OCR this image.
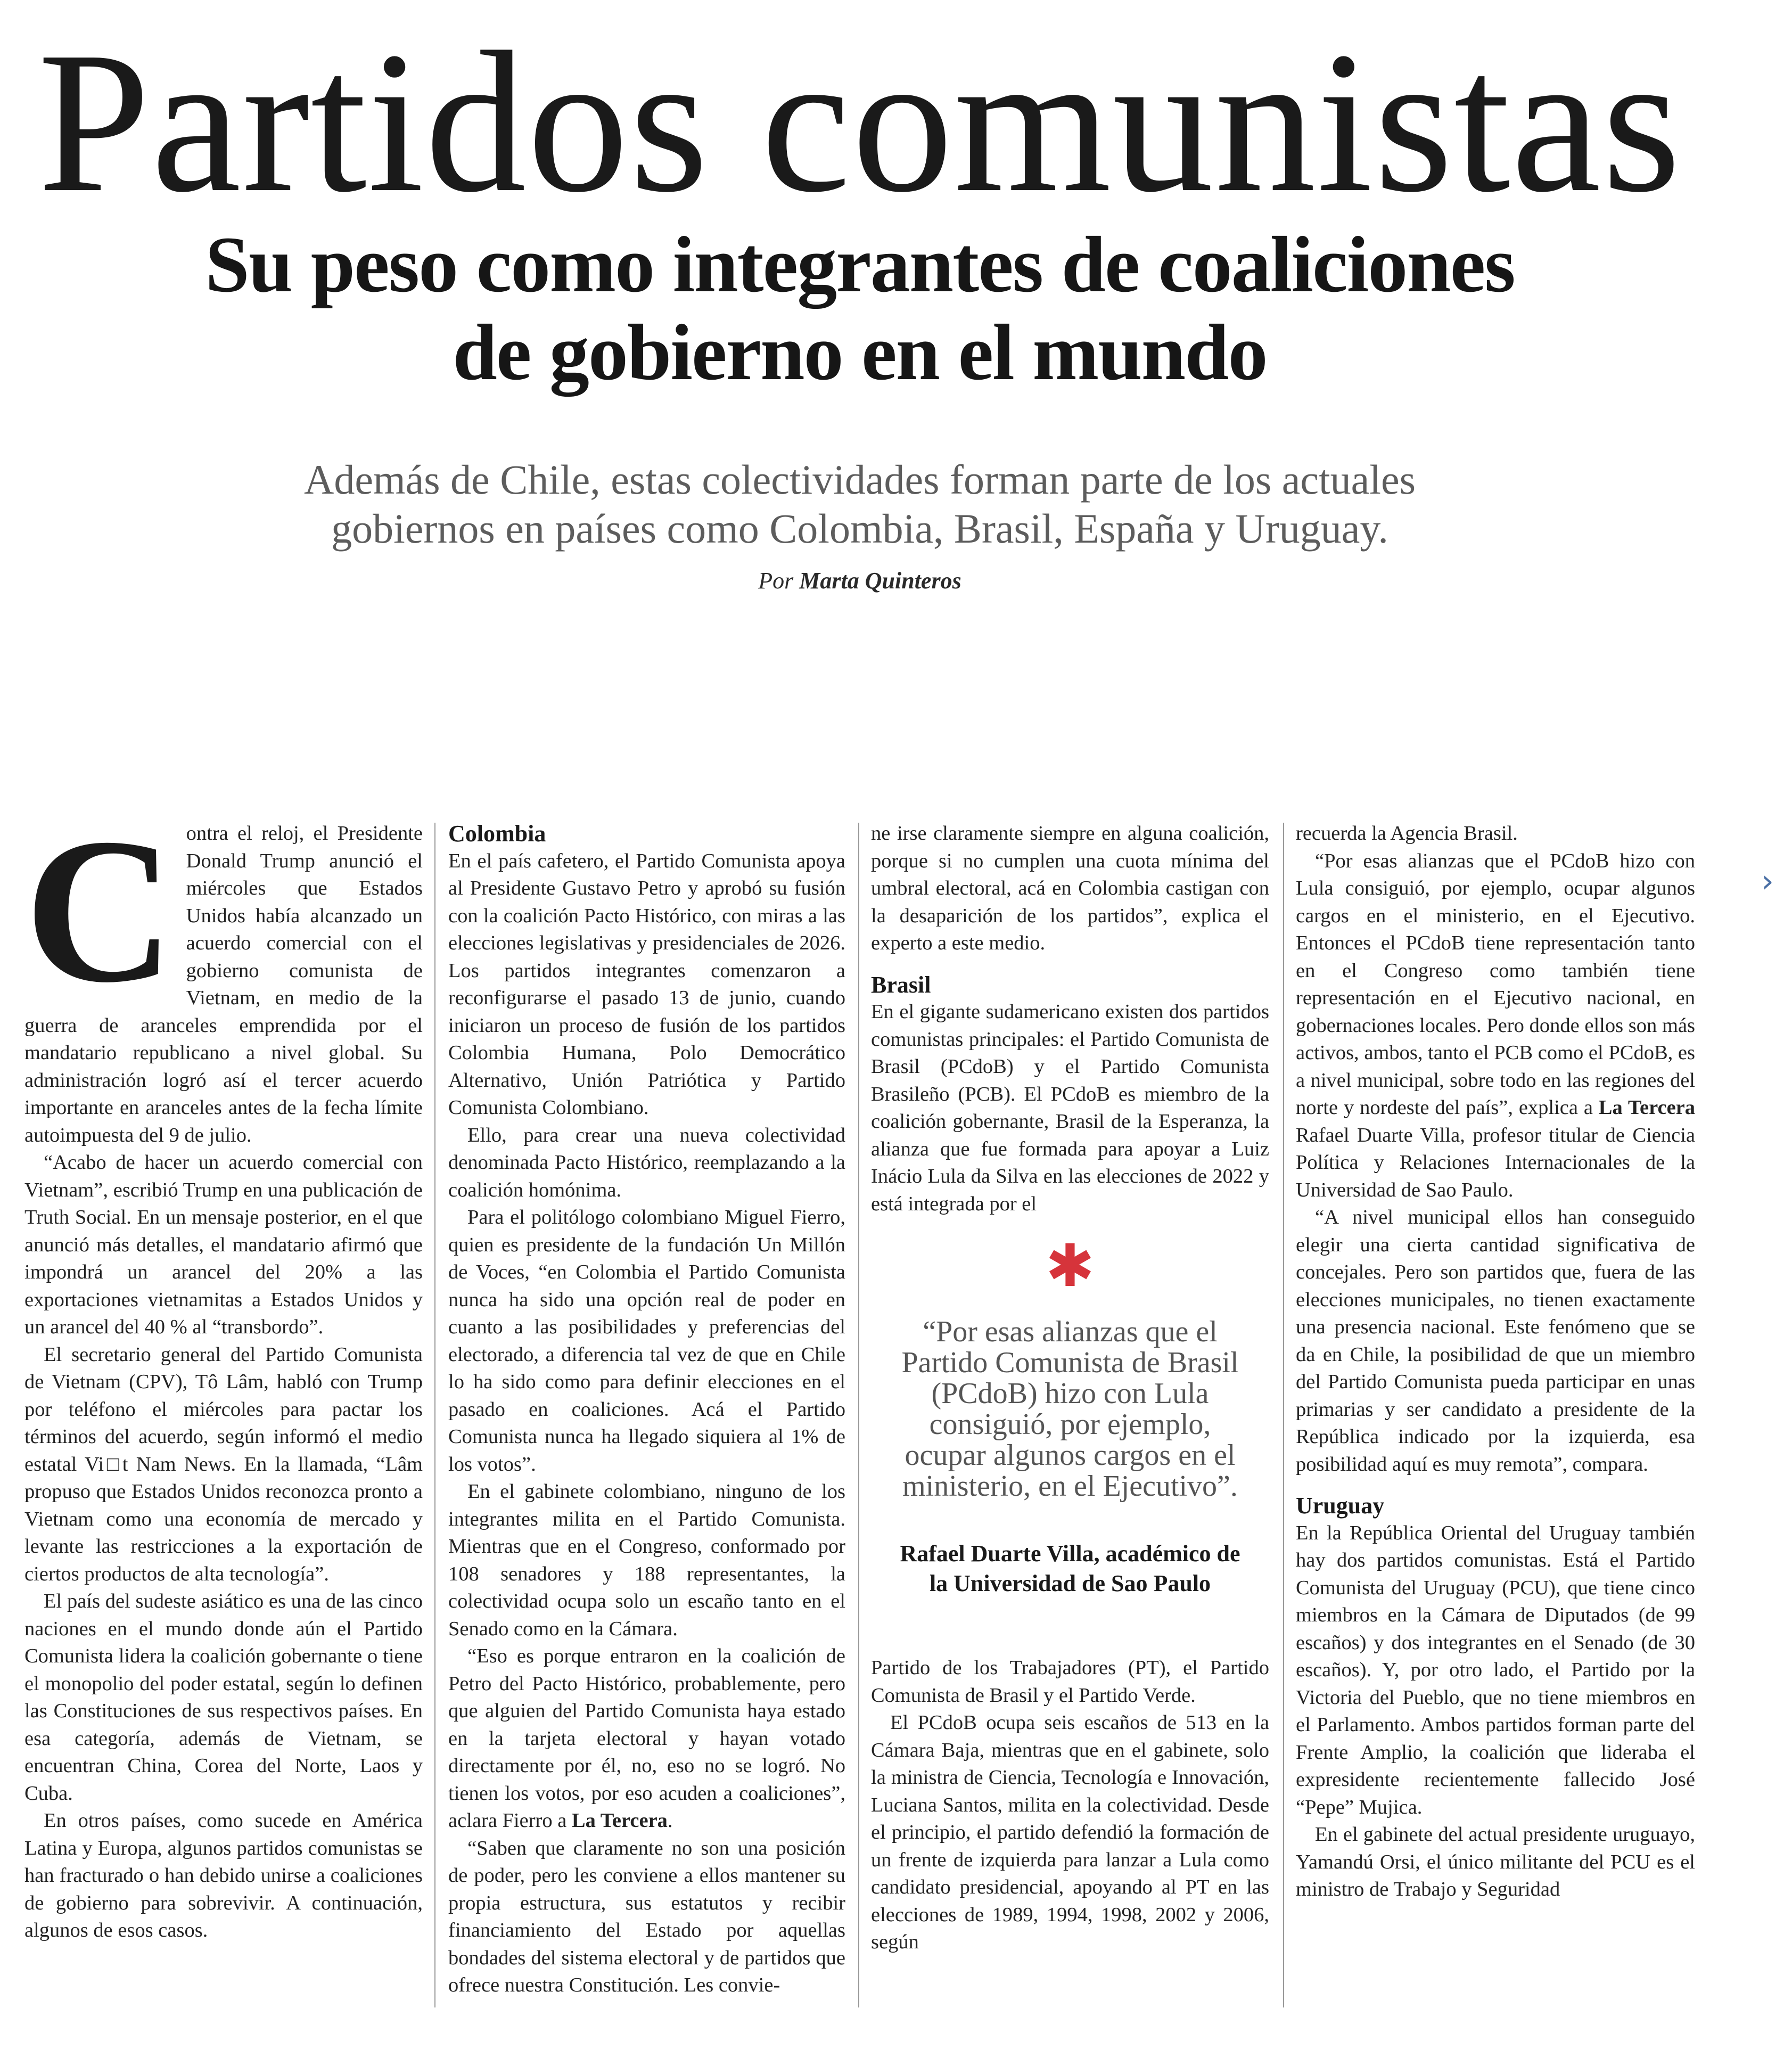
Partidos comunistas
Su peso como integrantes de coaliciones
de gobierno en el mundo

Además de Chile, estas colectividades forman parte de los actuales
gobiernos en países como Colombia, Brasil, España y Uruguay.

Por Marta Quinteros
›
C ontra el reloj, el Presidente Donald Trump anunció el miércoles que Estados Unidos había alcanzado un acuerdo comercial con el gobierno comunista de Vietnam, en medio de la guerra de aranceles emprendida por el mandatario republicano a nivel global. Su administración logró así el tercer acuerdo importante en aranceles antes de la fecha límite autoimpuesta del 9 de julio.

“Acabo de hacer un acuerdo comercial con Vietnam”, escribió Trump en una publicación de Truth Social. En un mensaje posterior, en el que anunció más detalles, el mandatario afirmó que impondrá un arancel del 20% a las exportaciones vietnamitas a Estados Unidos y un arancel del 40 % al “transbordo”.

El secretario general del Partido Comunista de Vietnam (CPV), Tô Lâm, habló con Trump por teléfono el miércoles para pactar los términos del acuerdo, según informó el medio estatal Vi□t Nam News. En la llamada, “Lâm propuso que Estados Unidos reconozca pronto a Vietnam como una economía de mercado y levante las restricciones a la exportación de ciertos productos de alta tecnología”.

El país del sudeste asiático es una de las cinco naciones en el mundo donde aún el Partido Comunista lidera la coalición gobernante o tiene el monopolio del poder estatal, según lo definen las Constituciones de sus respectivos países. En esa categoría, además de Vietnam, se encuentran China, Corea del Norte, Laos y Cuba.

En otros países, como sucede en América Latina y Europa, algunos partidos comunistas se han fracturado o han debido unirse a coaliciones de gobierno para sobrevivir. A continuación, algunos de esos casos.

Colombia

En el país cafetero, el Partido Comunista apoya al Presidente Gustavo Petro y aprobó su fusión con la coalición Pacto Histórico, con miras a las elecciones legislativas y presidenciales de 2026. Los partidos integrantes comenzaron a reconfigurarse el pasado 13 de junio, cuando iniciaron un proceso de fusión de los partidos Colombia Humana, Polo Democrático Alternativo, Unión Patriótica y Partido Comunista Colombiano.

Ello, para crear una nueva colectividad denominada Pacto Histórico, reemplazando a la coalición homónima.

Para el politólogo colombiano Miguel Fierro, quien es presidente de la fundación Un Millón de Voces, “en Colombia el Partido Comunista nunca ha sido una opción real de poder en cuanto a las posibilidades y preferencias del electorado, a diferencia tal vez de que en Chile lo ha sido como para definir elecciones en el pasado en coaliciones. Acá el Partido Comunista nunca ha llegado siquiera al 1% de los votos”.

En el gabinete colombiano, ninguno de los integrantes milita en el Partido Comunista. Mientras que en el Congreso, conformado por 108 senadores y 188 representantes, la colectividad ocupa solo un escaño tanto en el Senado como en la Cámara.

“Eso es porque entraron en la coalición de Petro del Pacto Histórico, probablemente, pero que alguien del Partido Comunista haya estado en la tarjeta electoral y hayan votado directamente por él, no, eso no se logró. No tienen los votos, por eso acuden a coaliciones”, aclara Fierro a La Tercera.

“Saben que claramente no son una posición de poder, pero les conviene a ellos mantener su propia estructura, sus estatutos y recibir financiamiento del Estado por aquellas bondades del sistema electoral y de partidos que ofrece nuestra Constitución. Les convie-

ne irse claramente siempre en alguna coalición, porque si no cumplen una cuota mínima del umbral electoral, acá en Colombia castigan con la desaparición de los partidos”, explica el experto a este medio.

Brasil

En el gigante sudamericano existen dos partidos comunistas principales: el Partido Comunista de Brasil (PCdoB) y el Partido Comunista Brasileño (PCB). El PCdoB es miembro de la coalición gobernante, Brasil de la Esperanza, la alianza que fue formada para apoyar a Luiz Inácio Lula da Silva en las elecciones de 2022 y está integrada por el

✱
“Por esas alianzas que el Partido Comunista de Brasil (PCdoB) hizo con Lula consiguió, por ejemplo, ocupar algunos cargos en el ministerio, en el Ejecutivo”.
Rafael Duarte Villa, académico de la Universidad de Sao Paulo

Partido de los Trabajadores (PT), el Partido Comunista de Brasil y el Partido Verde.

El PCdoB ocupa seis escaños de 513 en la Cámara Baja, mientras que en el gabinete, solo la ministra de Ciencia, Tecnología e Innovación, Luciana Santos, milita en la colectividad. Desde el principio, el partido defendió la formación de un frente de izquierda para lanzar a Lula como candidato presidencial, apoyando al PT en las elecciones de 1989, 1994, 1998, 2002 y 2006, según

recuerda la Agencia Brasil.

“Por esas alianzas que el PCdoB hizo con Lula consiguió, por ejemplo, ocupar algunos cargos en el ministerio, en el Ejecutivo. Entonces el PCdoB tiene representación tanto en el Congreso como también tiene representación en el Ejecutivo nacional, en gobernaciones locales. Pero donde ellos son más activos, ambos, tanto el PCB como el PCdoB, es a nivel municipal, sobre todo en las regiones del norte y nordeste del país”, explica a La Tercera Rafael Duarte Villa, profesor titular de Ciencia Política y Relaciones Internacionales de la Universidad de Sao Paulo.

“A nivel municipal ellos han conseguido elegir una cierta cantidad significativa de concejales. Pero son partidos que, fuera de las elecciones municipales, no tienen exactamente una presencia nacional. Este fenómeno que se da en Chile, la posibilidad de que un miembro del Partido Comunista pueda participar en unas primarias y ser candidato a presidente de la República indicado por la izquierda, esa posibilidad aquí es muy remota”, compara.

Uruguay

En la República Oriental del Uruguay también hay dos partidos comunistas. Está el Partido Comunista del Uruguay (PCU), que tiene cinco miembros en la Cámara de Diputados (de 99 escaños) y dos integrantes en el Senado (de 30 escaños). Y, por otro lado, el Partido por la Victoria del Pueblo, que no tiene miembros en el Parlamento. Ambos partidos forman parte del Frente Amplio, la coalición que lideraba el expresidente recientemente fallecido José “Pepe” Mujica.

En el gabinete del actual presidente uruguayo, Yamandú Orsi, el único militante del PCU es el ministro de Trabajo y Seguridad
